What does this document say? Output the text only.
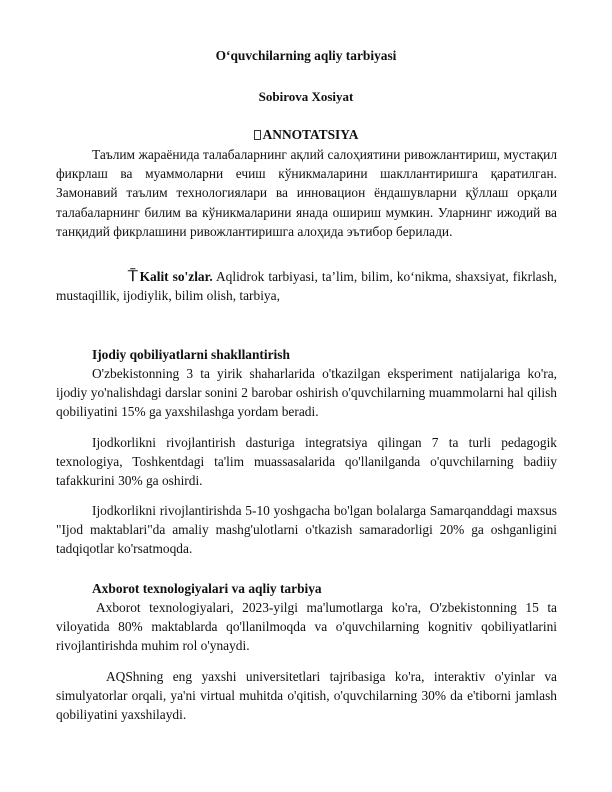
O‘quvchilarning aqliy tarbiyasi
Sobirova Xosiyat
ANNOTATSIYA

Таълим жараёнида талабаларнинг ақлий салоҳиятини ривожлантириш, мустақил фикрлаш ва муаммоларни ечиш кўникмаларини шакллантиришга қаратилган. Замонавий таълим технологиялари ва инновацион ёндашувларни қўллаш орқали талабаларнинг билим ва кўникмаларини янада ошириш мумкин. Уларнинг ижодий ва танқидий фикрлашини ривожлантиришга алоҳида эътибор берилади.

⍑ Kalit so'zlar. Aqlidrok tarbiyasi, ta’lim, bilim, ko‘nikma, shaxsiyat, fikrlash, mustaqillik, ijodiylik, bilim olish, tarbiya,

Ijodiy qobiliyatlarni shakllantirish

O'zbekistonning 3 ta yirik shaharlarida o'tkazilgan eksperiment natijalariga ko'ra, ijodiy yo'nalishdagi darslar sonini 2 barobar oshirish o'quvchilarning muammolarni hal qilish qobiliyatini 15% ga yaxshilashga yordam beradi.

Ijodkorlikni rivojlantirish dasturiga integratsiya qilingan 7 ta turli pedagogik texnologiya, Toshkentdagi ta'lim muassasalarida qo'llanilganda o'quvchilarning badiiy tafakkurini 30% ga oshirdi.

Ijodkorlikni rivojlantirishda 5-10 yoshgacha bo'lgan bolalarga Samarqanddagi maxsus "Ijod maktablari"da amaliy mashg'ulotlarni o'tkazish samaradorligi 20% ga oshganligini tadqiqotlar ko'rsatmoqda.

Axborot texnologiyalari va aqliy tarbiya

Axborot texnologiyalari, 2023-yilgi ma'lumotlarga ko'ra, O'zbekistonning 15 ta viloyatida 80% maktablarda qo'llanilmoqda va o'quvchilarning kognitiv qobiliyatlarini rivojlantirishda muhim rol o'ynaydi.

AQShning eng yaxshi universitetlari tajribasiga ko'ra, interaktiv o'yinlar va simulyatorlar orqali, ya'ni virtual muhitda o'qitish, o'quvchilarning 30% da e'tiborni jamlash qobiliyatini yaxshilaydi.
